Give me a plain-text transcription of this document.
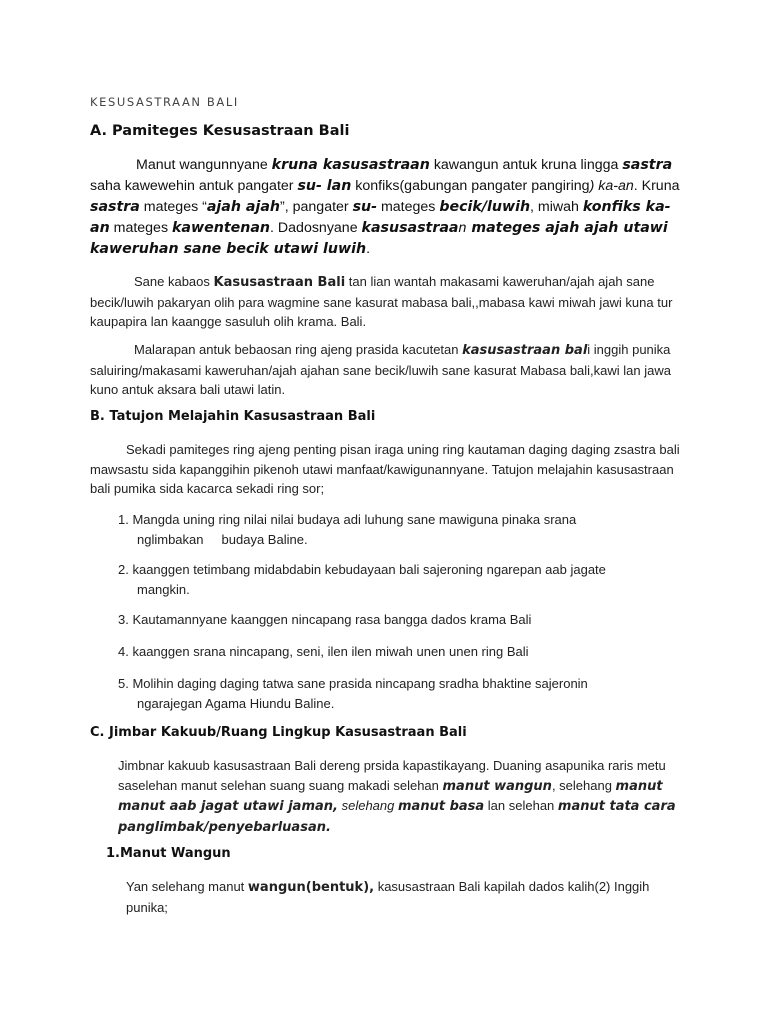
KESUSASTRAAN BALI
A. Pamiteges Kesusastraan Bali
Manut wangunnyane kruna kasusastraan kawangun antuk kruna lingga sastra saha kawewehin antuk pangater su- lan konfiks(gabungan pangater pangiring) ka-an. Kruna sastra mateges “ajah ajah”, pangater su- mateges becik/luwih, miwah konfiks ka-an mateges kawentenan. Dadosnyane kasusastraan mateges ajah ajah utawi kaweruhan sane becik utawi luwih.
Sane kabaos Kasusastraan Bali tan lian wantah makasami kaweruhan/ajah ajah sane becik/luwih pakaryan olih para wagmine sane kasurat mabasa bali,,mabasa kawi miwah jawi kuna tur kaupapira lan kaangge sasuluh olih krama. Bali.
Malarapan antuk bebaosan ring ajeng prasida kacutetan kasusastraan bali inggih punika saluiring/makasami kaweruhan/ajah ajahan sane becik/luwih sane kasurat Mabasa bali,kawi lan jawa kuno antuk aksara bali utawi latin.
B. Tatujon Melajahin Kasusastraan Bali
Sekadi pamiteges ring ajeng penting pisan iraga uning ring kautaman daging daging zsastra bali mawsastu sida kapanggihin pikenoh utawi manfaat/kawigunannyane. Tatujon melajahin kasusastraan bali pumika sida kacarca sekadi ring sor;
1. Mangda uning ring nilai nilai budaya adi luhung sane mawiguna pinaka srana
nglimbakan     budaya Baline.
2. kaanggen tetimbang midabdabin kebudayaan bali sajeroning ngarepan aab jagate
mangkin.
3. Kautamannyane kaanggen nincapang rasa bangga dados krama Bali
4. kaanggen srana nincapang, seni, ilen ilen miwah unen unen ring Bali
5. Molihin daging daging tatwa sane prasida nincapang sradha bhaktine sajeronin
ngarajegan Agama Hiundu Baline.
C. Jimbar Kakuub/Ruang Lingkup Kasusastraan Bali
Jimbnar kakuub kasusastraan Bali dereng prsida kapastikayang. Duaning asapunika raris metu saselehan manut selehan suang suang makadi selehan manut wangun, selehang manut manut aab jagat utawi jaman, selehang manut basa lan selehan manut tata cara panglimbak/penyebarluasan.
1.Manut Wangun
Yan selehang manut wangun(bentuk), kasusastraan Bali kapilah dados kalih(2) Inggih punika;
